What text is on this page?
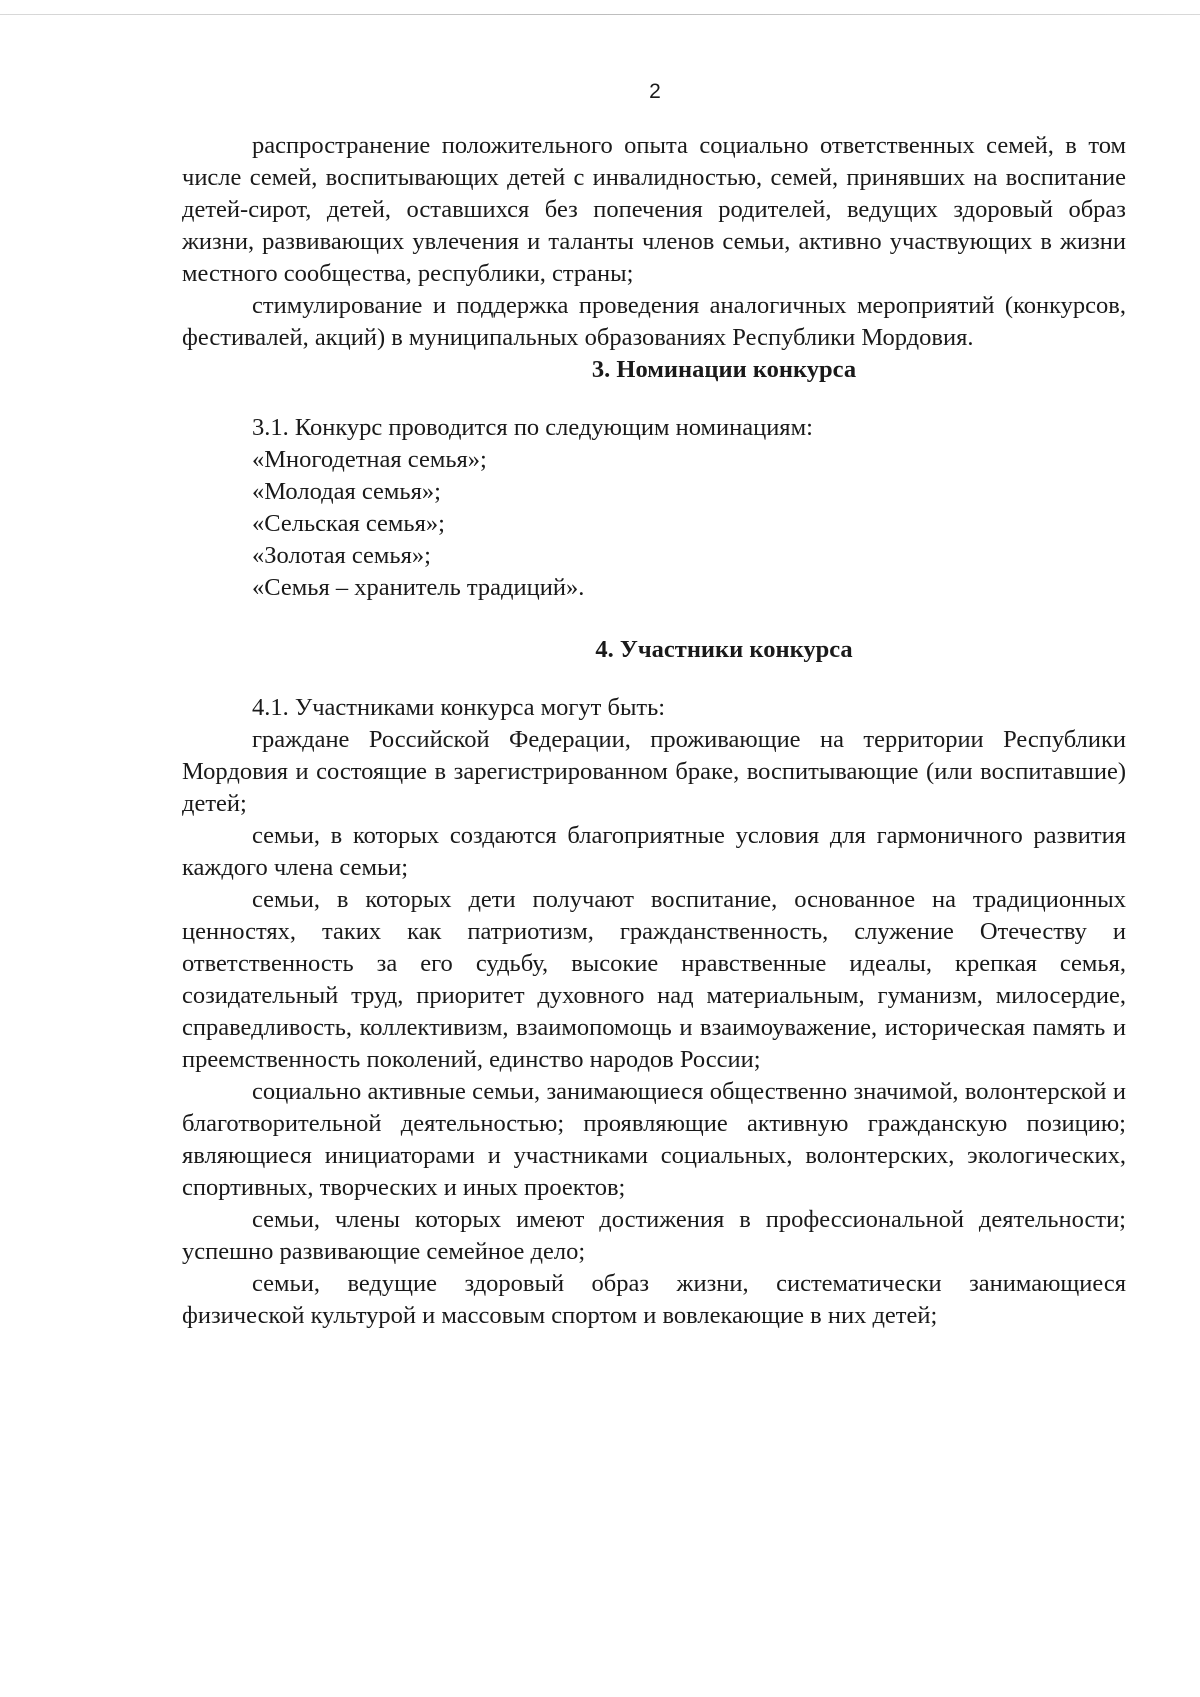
2

распространение положительного опыта социально ответственных семей, в том числе семей, воспитывающих детей с инвалидностью, семей, принявших на воспитание детей-сирот, детей, оставшихся без попечения родителей, ведущих здоровый образ жизни, развивающих увлечения и таланты членов семьи, активно участвующих в жизни местного сообщества, республики, страны;

стимулирование и поддержка проведения аналогичных мероприятий (конкурсов, фестивалей, акций) в муниципальных образованиях Республики Мордовия.

3. Номинации конкурса

3.1. Конкурс проводится по следующим номинациям:

«Многодетная семья»;

«Молодая семья»;

«Сельская семья»;

«Золотая семья»;

«Семья – хранитель традиций».

4. Участники конкурса

4.1. Участниками конкурса могут быть:

граждане Российской Федерации, проживающие на территории Республики Мордовия и состоящие в зарегистрированном браке, воспитывающие (или воспитавшие) детей;

семьи, в которых создаются благоприятные условия для гармоничного развития каждого члена семьи;

семьи, в которых дети получают воспитание, основанное на традиционных ценностях, таких как патриотизм, гражданственность, служение Отечеству и ответственность за его судьбу, высокие нравственные идеалы, крепкая семья, созидательный труд, приоритет духовного над материальным, гуманизм, милосердие, справедливость, коллективизм, взаимопомощь и взаимоуважение, историческая память и преемственность поколений, единство народов России;

социально активные семьи, занимающиеся общественно значимой, волонтерской и благотворительной деятельностью; проявляющие активную гражданскую позицию; являющиеся инициаторами и участниками социальных, волонтерских, экологических, спортивных, творческих и иных проектов;

семьи, члены которых имеют достижения в профессиональной деятельности; успешно развивающие семейное дело;

семьи, ведущие здоровый образ жизни, систематически занимающиеся физической культурой и массовым спортом и вовлекающие в них детей;
